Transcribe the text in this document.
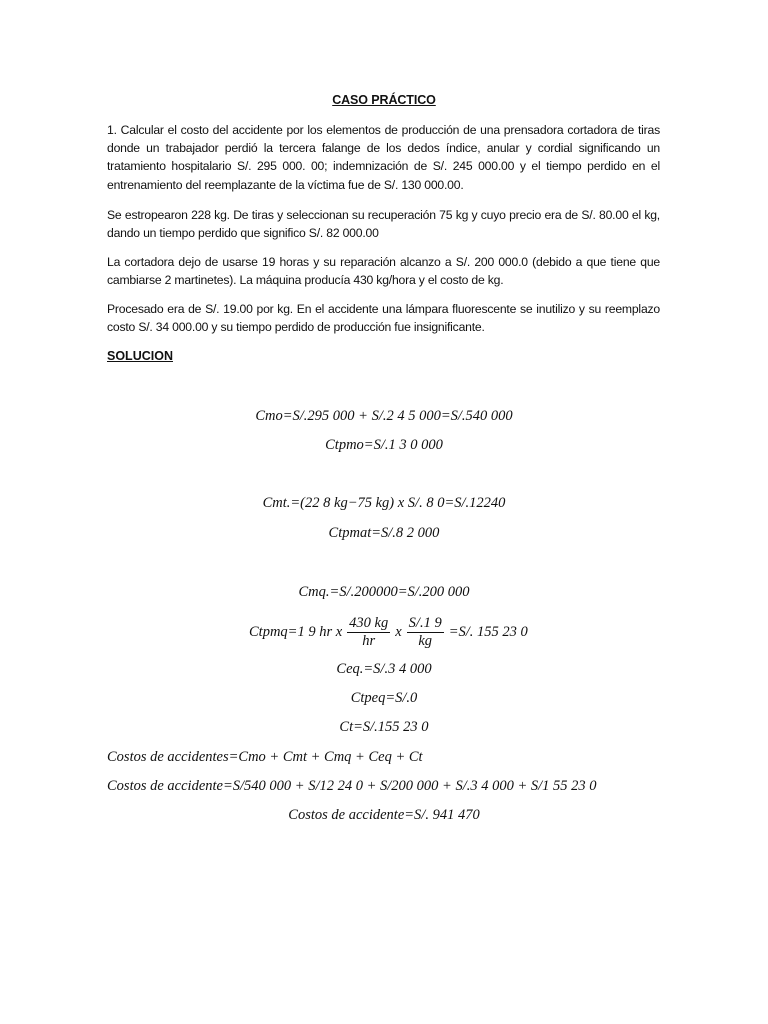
CASO PRÁCTICO
1. Calcular el costo del accidente por los elementos de producción de una prensadora cortadora de tiras donde un trabajador perdió la tercera falange de los dedos índice, anular y cordial significando un tratamiento hospitalario S/. 295 000. 00; indemnización de S/. 245 000.00 y el tiempo perdido en el entrenamiento del reemplazante de la víctima fue de S/. 130 000.00.
Se estropearon 228 kg. De tiras y seleccionan su recuperación 75 kg y cuyo precio era de S/. 80.00 el kg, dando un tiempo perdido que significo S/. 82 000.00
La cortadora dejo de usarse 19 horas y su reparación alcanzo a S/. 200 000.0 (debido a que tiene que cambiarse 2 martinetes). La máquina producía 430 kg/hora y el costo de kg.
Procesado era de S/. 19.00 por kg. En el accidente una lámpara fluorescente se inutilizo y su reemplazo costo S/. 34 000.00 y su tiempo perdido de producción fue insignificante.
SOLUCION
Cmo=S/.295 000 + S/.2 4 5 000=S/.540 000
Ctpmo=S/.1 3 0 000
Cmt.=(22 8 kg−75 kg) x S/. 8 0=S/.12240
Ctpmat=S/.8 2 000
Cmq.=S/.200000=S/.200 000
Ctpmq=1 9 hr x $\frac{430 kg}{hr}$ x $\frac{S/.1 9}{kg} =S/$. 155 23 0
Ceq.=S/.3 4 000
Ctpeq=S/.0
Ct=S/.155 23 0
Costos de accidentes=Cmo + Cmt + Cmq + Ceq + Ct
Costos de accidente=S/540 000 + S/12 24 0 + S/200 000 + S/.3 4 000 + S/1 55 23 0
Costos de accidente=S/. 941 470
